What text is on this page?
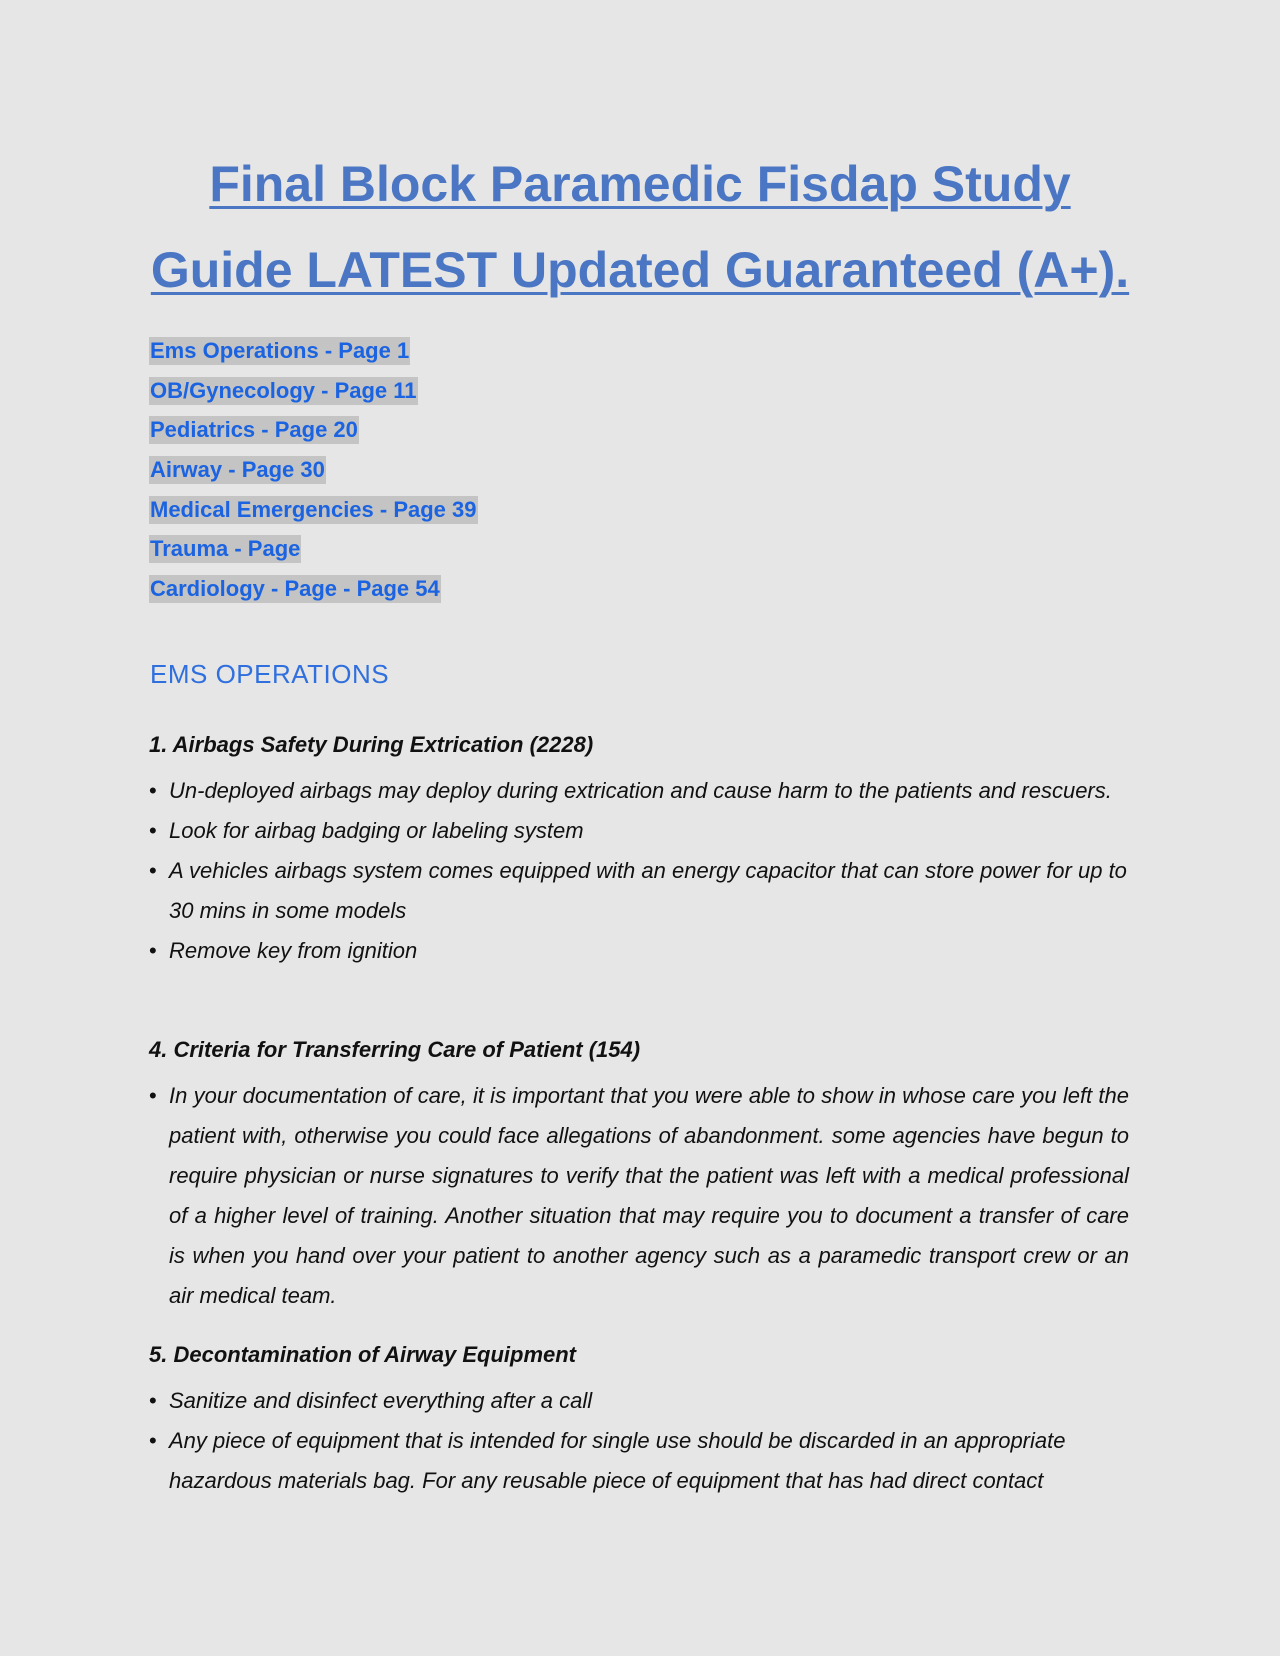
Final Block Paramedic Fisdap Study
Guide LATEST Updated Guaranteed (A+).
Ems Operations - Page 1
OB/Gynecology - Page 11
Pediatrics - Page 20
Airway - Page 30
Medical Emergencies - Page 39
Trauma - Page
Cardiology - Page - Page 54
EMS OPERATIONS
1. Airbags Safety During Extrication (2228)
• Un-deployed airbags may deploy during extrication and cause harm to the patients and rescuers.
• Look for airbag badging or labeling system
• A vehicles airbags system comes equipped with an energy capacitor that can store power for up to 30 mins in some models
• Remove key from ignition
4. Criteria for Transferring Care of Patient (154)
• In your documentation of care, it is important that you were able to show in whose care you left the patient with, otherwise you could face allegations of abandonment. some agencies have begun to require physician or nurse signatures to verify that the patient was left with a medical professional of a higher level of training. Another situation that may require you to document a transfer of care is when you hand over your patient to another agency such as a paramedic transport crew or an air medical team.
5. Decontamination of Airway Equipment
• Sanitize and disinfect everything after a call
• Any piece of equipment that is intended for single use should be discarded in an appropriate hazardous materials bag. For any reusable piece of equipment that has had direct contact
